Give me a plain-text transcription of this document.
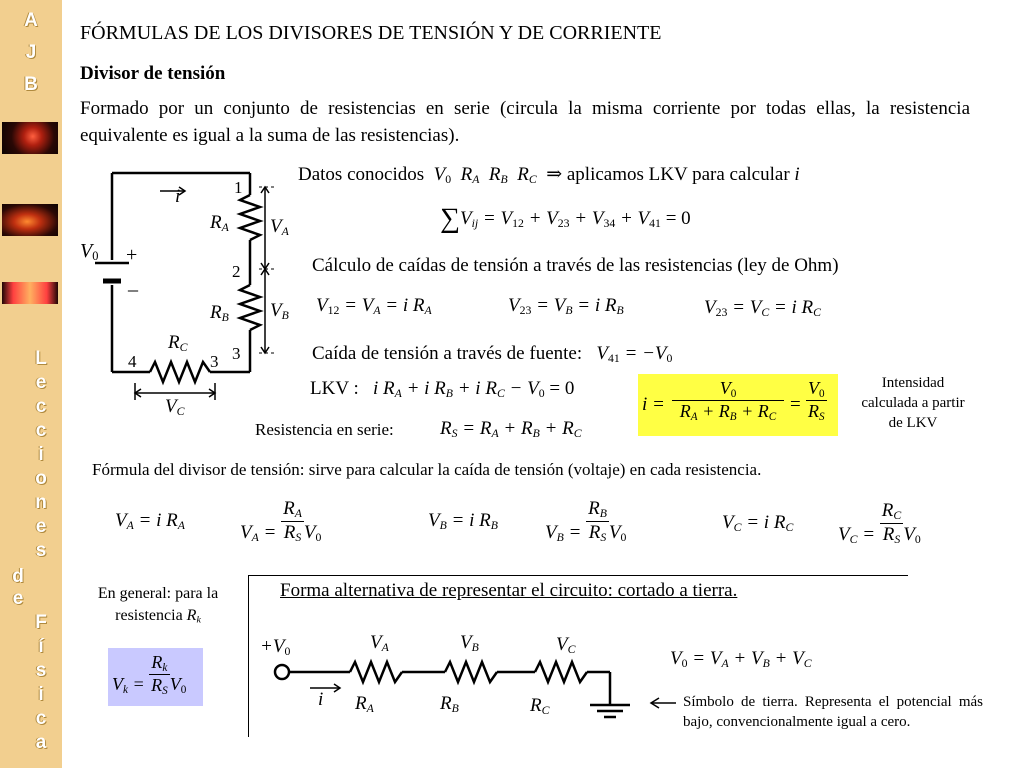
A
J
B
L
e
c
c
i
o
n
e
s
d
e
F
í
s
i
c
a
FÓRMULAS DE LOS DIVISORES DE TENSIÓN Y DE CORRIENTE
Divisor de tensión
Formado por un conjunto de resistencias en serie (circula la misma corriente por todas ellas, la resistencia equivalente es igual a la suma de las resistencias).
1
2
3
4	3
i
+
_
$V_0$
$R_A$
$R_B$
$R_C$
$V_A$
$V_B$
$V_C$
Datos conocidos  $V_0$  $R_A$  $R_B$  $R_C$  ⇒ aplicamos LKV para calcular i
$\sum V_{ij} = V_{12} + V_{23} + V_{34} + V_{41} = 0$
Cálculo de caídas de tensión a través de las resistencias (ley de Ohm)
$V_{12} = V_A = i$ $R_A$	$V_{23} = V_B = i$ $R_B$	$V_{23} = V_C = i$ $R_C$
Caída de tensión a través de fuente: $V_{41} = -V_0$
LKV : i $R_A + i$ $R_B + i$ $R_C - V_0 = 0$
$i = \frac{V_0}{R_A + R_B + R_C} = \frac{V_0}{R_S}$	Intensidad calculada a partir de LKV
Resistencia en serie: $R_S = R_A + R_B + R_C$
Fórmula del divisor de tensión: sirve para calcular la caída de tensión (voltaje) en cada resistencia.
$V_A = i$ $R_A$	$V_A = \frac{R_A}{R_S} V_0$
$V_B = i$ $R_B$ $V_B = \frac{R_B}{R_S} V_0$
$V_C = i$ $R_C$ $V_C = \frac{R_C}{R_S} V_0$
En general: para la resistencia $R_k$
$V_k = \frac{R_k}{R_S} V_0$
Forma alternativa de representar el circuito: cortado a tierra.
$+V_0$	$V_A$	$V_B$	$V_C$
i $R_A$	$R_B$	$R_C$
$V_0 = V_A + V_B + V_C$
Símbolo de tierra. Representa el potencial más bajo, convencionalmente igual a cero.
